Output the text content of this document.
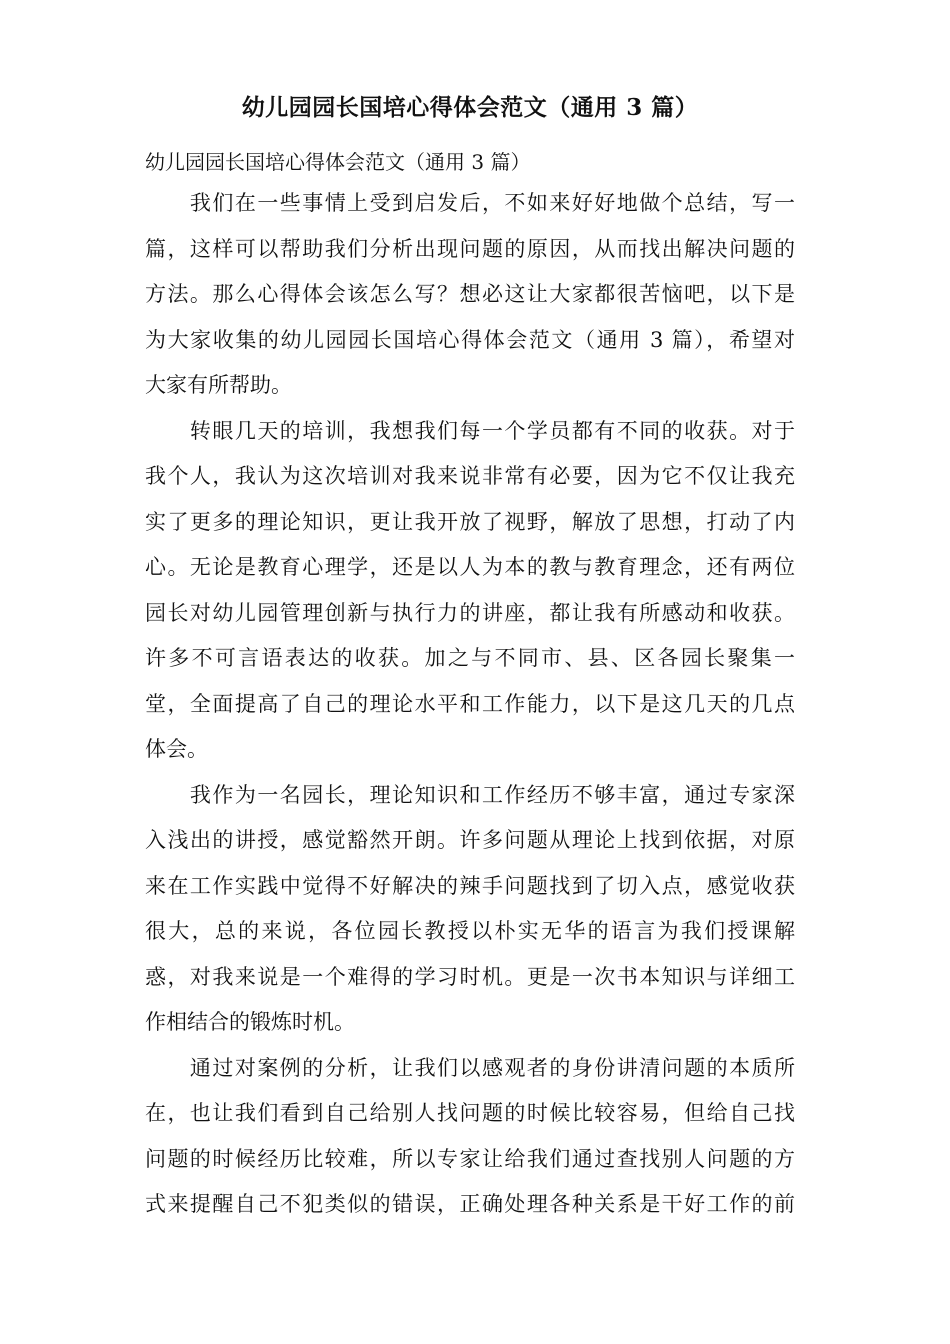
幼儿园园长国培心得体会范文（通用 3 篇）

幼儿园园长国培心得体会范文（通用 3 篇）

　　我们在一些事情上受到启发后，不如来好好地做个总结，写一
篇，这样可以帮助我们分析出现问题的原因，从而找出解决问题的
方法。那么心得体会该怎么写？想必这让大家都很苦恼吧，以下是
为大家收集的幼儿园园长国培心得体会范文（通用 3 篇），希望对
大家有所帮助。

　　转眼几天的培训，我想我们每一个学员都有不同的收获。对于
我个人，我认为这次培训对我来说非常有必要，因为它不仅让我充
实了更多的理论知识，更让我开放了视野，解放了思想，打动了内
心。无论是教育心理学，还是以人为本的教与教育理念，还有两位
园长对幼儿园管理创新与执行力的讲座，都让我有所感动和收获。
许多不可言语表达的收获。加之与不同市、县、区各园长聚集一
堂，全面提高了自己的理论水平和工作能力，以下是这几天的几点
体会。

　　我作为一名园长，理论知识和工作经历不够丰富，通过专家深
入浅出的讲授，感觉豁然开朗。许多问题从理论上找到依据，对原
来在工作实践中觉得不好解决的辣手问题找到了切入点，感觉收获
很大，总的来说，各位园长教授以朴实无华的语言为我们授课解
惑，对我来说是一个难得的学习时机。更是一次书本知识与详细工
作相结合的锻炼时机。

　　通过对案例的分析，让我们以感观者的身份讲清问题的本质所
在，也让我们看到自己给别人找问题的时候比较容易，但给自己找
问题的时候经历比较难，所以专家让给我们通过查找别人问题的方
式来提醒自己不犯类似的错误，正确处理各种关系是干好工作的前
